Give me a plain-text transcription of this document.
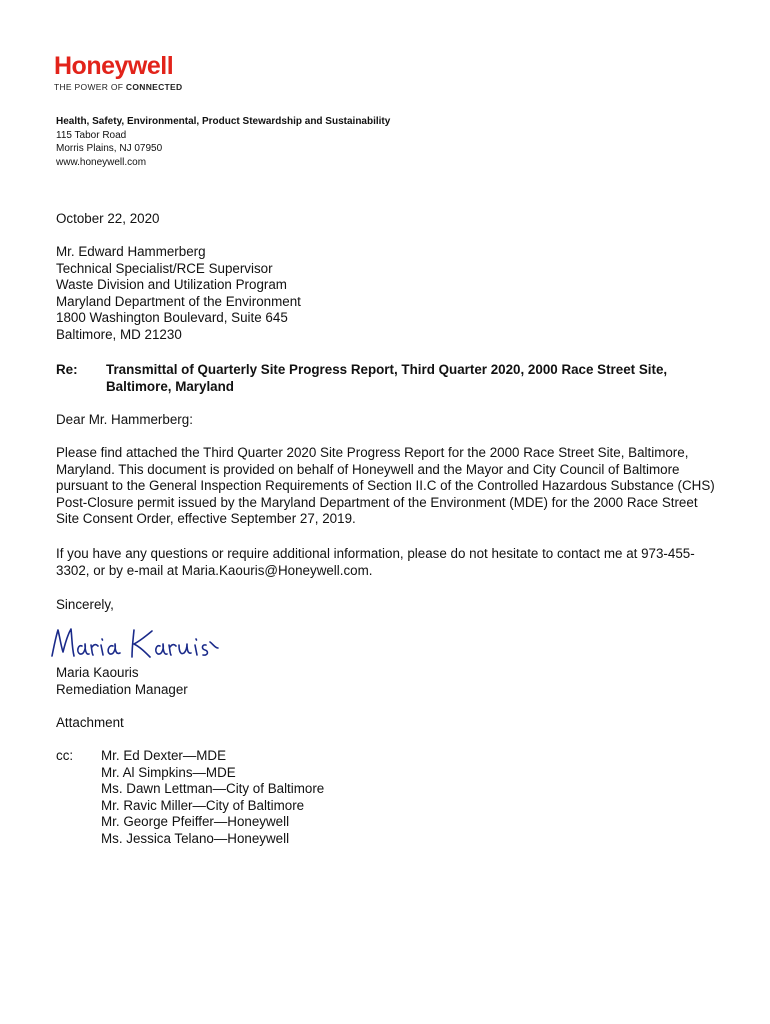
Honeywell
THE POWER OF CONNECTED
Health, Safety, Environmental, Product Stewardship and Sustainability
115 Tabor Road
Morris Plains, NJ 07950
www.honeywell.com
October 22, 2020
Mr. Edward Hammerberg
Technical Specialist/RCE Supervisor
Waste Division and Utilization Program
Maryland Department of the Environment
1800 Washington Boulevard, Suite 645
Baltimore, MD 21230
Re: Transmittal of Quarterly Site Progress Report, Third Quarter 2020, 2000 Race Street Site, Baltimore, Maryland
Dear Mr. Hammerberg:
Please find attached the Third Quarter 2020 Site Progress Report for the 2000 Race Street Site, Baltimore, Maryland. This document is provided on behalf of Honeywell and the Mayor and City Council of Baltimore pursuant to the General Inspection Requirements of Section II.C of the Controlled Hazardous Substance (CHS) Post-Closure permit issued by the Maryland Department of the Environment (MDE) for the 2000 Race Street Site Consent Order, effective September 27, 2019.
If you have any questions or require additional information, please do not hesitate to contact me at 973-455-3302, or by e-mail at Maria.Kaouris@Honeywell.com.
Sincerely,
Maria Kaouris
Remediation Manager
Attachment
cc: Mr. Ed Dexter—MDE
Mr. Al Simpkins—MDE
Ms. Dawn Lettman—City of Baltimore
Mr. Ravic Miller—City of Baltimore
Mr. George Pfeiffer—Honeywell
Ms. Jessica Telano—Honeywell
